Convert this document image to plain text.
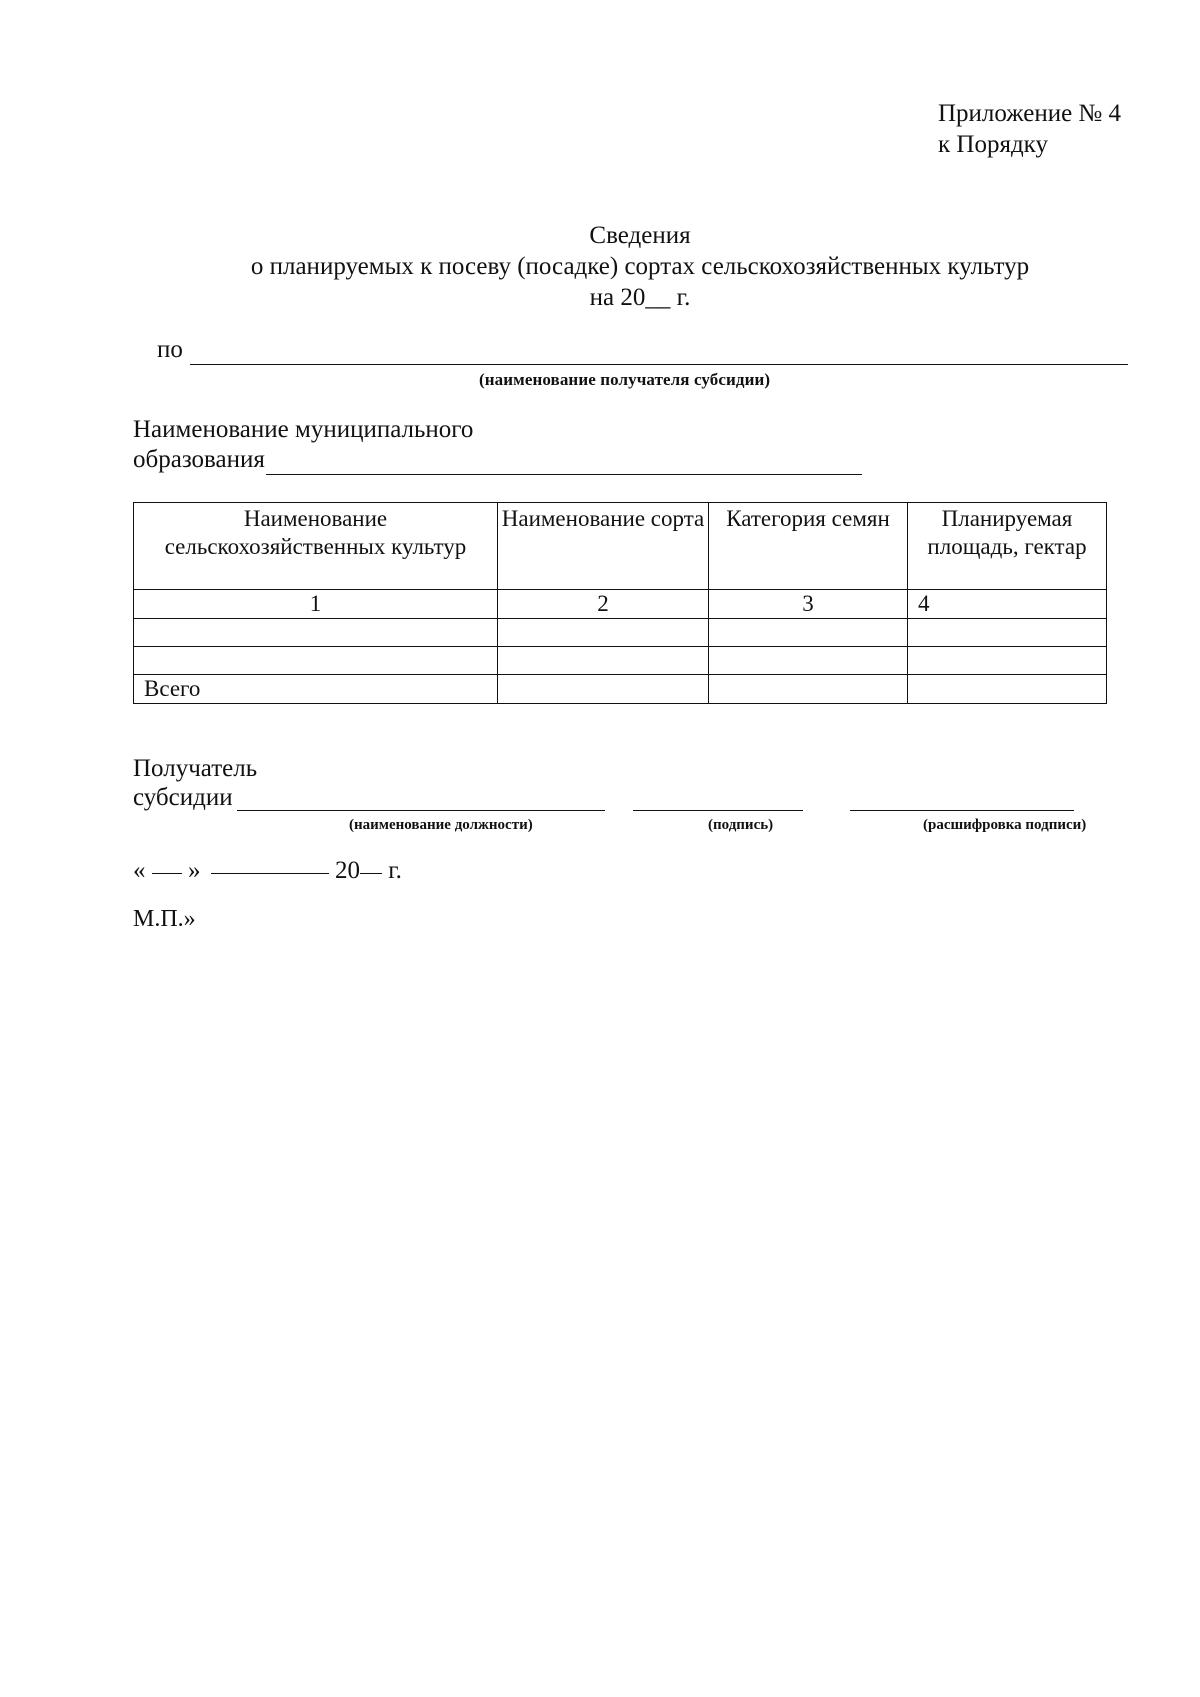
Приложение № 4
к Порядку
Сведения
о планируемых к посеву (посадке) сортах сельскохозяйственных культур
на 20__ г.
по
(наименование получателя субсидии)
Наименование муниципального
образования
Наименование сельскохозяйственных культур	Наименование сорта	Категория семян	Планируемая площадь, гектар
1	2	3	4

Всего			
Получатель
субсидии
(наименование должности)	(подпись)	(расшифровка подписи)
« »	20 г.
М.П.»
